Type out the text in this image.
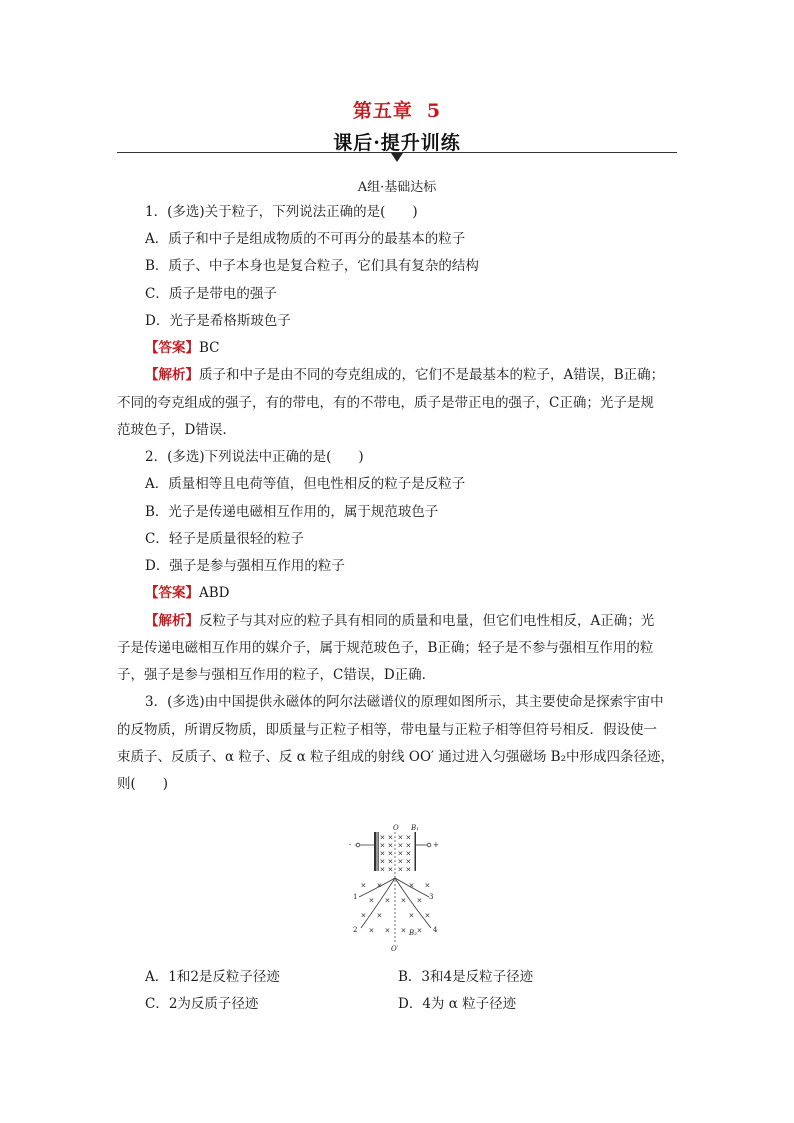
第五章 5
课后·提升训练
A组·基础达标
1．(多选)关于粒子，下列说法正确的是(　　)
A．质子和中子是组成物质的不可再分的最基本的粒子
B．质子、中子本身也是复合粒子，它们具有复杂的结构
C．质子是带电的强子
D．光子是希格斯玻色子
【答案】BC
【解析】质子和中子是由不同的夸克组成的，它们不是最基本的粒子，A错误，B正确；
不同的夸克组成的强子，有的带电，有的不带电，质子是带正电的强子，C正确；光子是规
范玻色子，D错误.
2．(多选)下列说法中正确的是(　　)
A．质量相等且电荷等值，但电性相反的粒子是反粒子
B．光子是传递电磁相互作用的，属于规范玻色子
C．轻子是质量很轻的粒子
D．强子是参与强相互作用的粒子
【答案】ABD
【解析】反粒子与其对应的粒子具有相同的质量和电量，但它们电性相反，A正确；光
子是传递电磁相互作用的媒介子，属于规范玻色子，B正确；轻子是不参与强相互作用的粒
子，强子是参与强相互作用的粒子，C错误，D正确.
3．(多选)由中国提供永磁体的阿尔法磁谱仪的原理如图所示，其主要使命是探索宇宙中
的反物质，所谓反物质，即质量与正粒子相等，带电量与正粒子相等但符号相反．假设使一
束质子、反质子、α 粒子、反 α 粒子组成的射线 OO′ 通过进入匀强磁场 B₂中形成四条径迹，
则(　　)
O B₁
-	+
1
2
3
4
B₂
O′
×
×
×
×
×
×
×
×
×
×
×
×
×
×
×
×
×
×
×
×
× ×	× ×
× × × ×
× ×	× ×
× × × ×
A．1和2是反粒子径迹	B．3和4是反粒子径迹
C．2为反质子径迹	D．4为 α 粒子径迹
